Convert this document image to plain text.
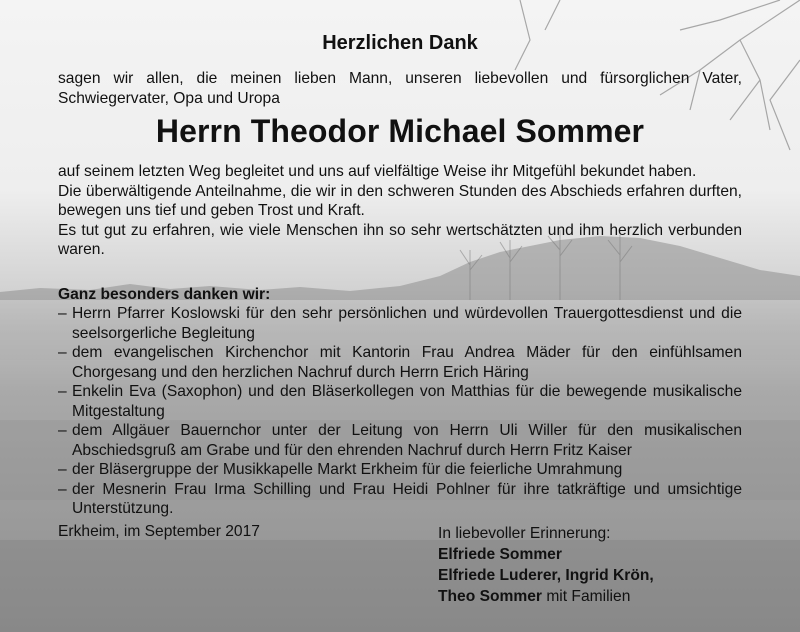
Herzlichen Dank

sagen wir allen, die meinen lieben Mann, unseren liebevollen und fürsorglichen Vater, Schwiegervater, Opa und Uropa

Herrn Theodor Michael Sommer
auf seinem letzten Weg begleitet und uns auf vielfältige Weise ihr Mitgefühl bekundet haben.
Die überwältigende Anteilnahme, die wir in den schweren Stunden des Abschieds erfahren durften, bewegen uns tief und geben Trost und Kraft.
Es tut gut zu erfahren, wie viele Menschen ihn so sehr wertschätzten und ihm herzlich verbunden waren.

Ganz besonders danken wir:

– Herrn Pfarrer Koslowski für den sehr persönlichen und würdevollen Trauergottesdienst und die seelsorgerliche Begleitung
– dem evangelischen Kirchenchor mit Kantorin Frau Andrea Mäder für den einfühlsamen Chorgesang und den herzlichen Nachruf durch Herrn Erich Häring
– Enkelin Eva (Saxophon) und den Bläserkollegen von Matthias für die bewegende musikalische Mitgestaltung
– dem Allgäuer Bauernchor unter der Leitung von Herrn Uli Willer für den musikalischen Abschiedsgruß am Grabe und für den ehrenden Nachruf durch Herrn Fritz Kaiser
– der Bläsergruppe der Musikkapelle Markt Erkheim für die feierliche Umrahmung
– der Mesnerin Frau Irma Schilling und Frau Heidi Pohlner für ihre tatkräftige und umsichtige Unterstützung.

Erkheim, im September 2017	In liebevoller Erinnerung:
Elfriede Sommer
Elfriede Luderer, Ingrid Krön,
Theo Sommer mit Familien
